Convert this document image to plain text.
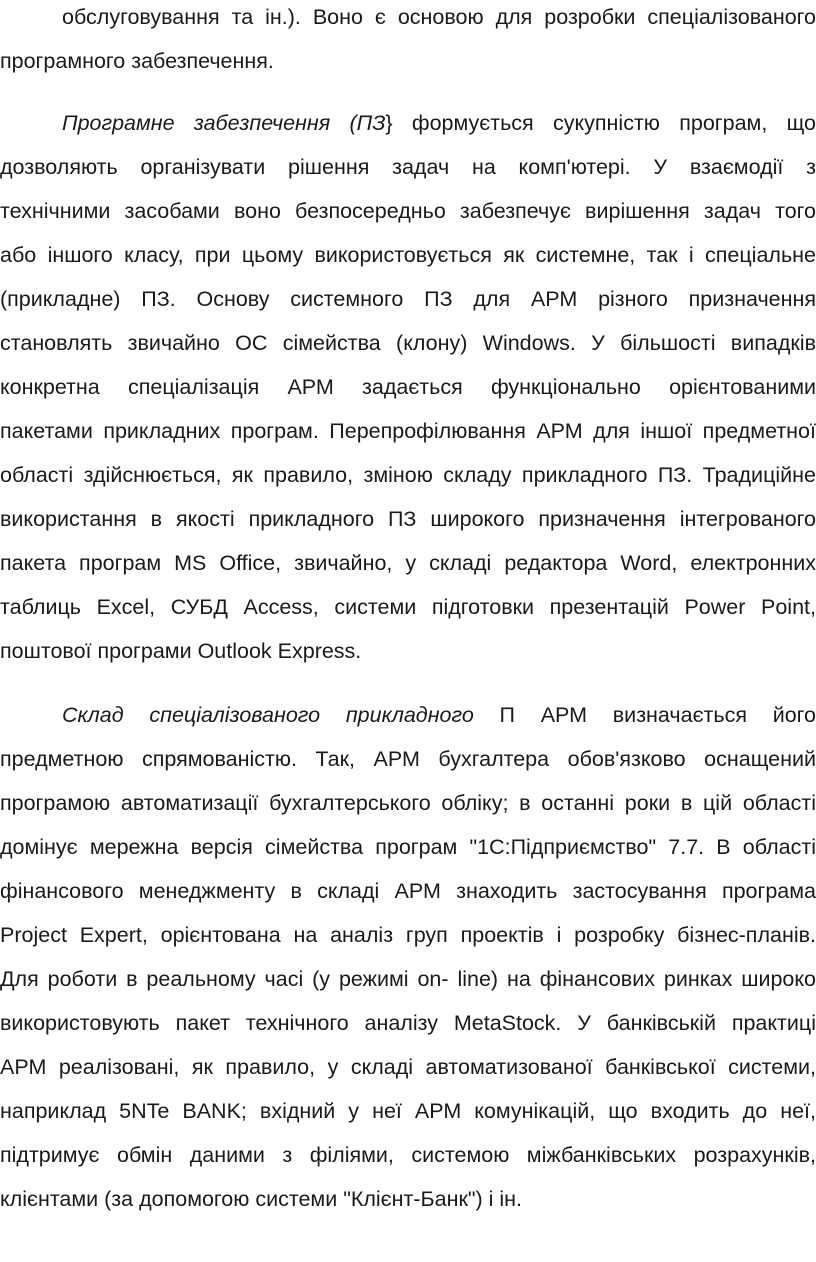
обслуговування та ін.). Воно є основою для розробки спеціалізованого
програмного забезпечення.
Програмне забезпечення (ПЗ} формується сукупністю програм, що
дозволяють організувати рішення задач на комп'ютері. У взаємодії з
технічними засобами воно безпосередньо забезпечує вирішення задач того
або іншого класу, при цьому використовується як системне, так і спеціальне
(прикладне) ПЗ. Основу системного ПЗ для АРМ різного призначення
становлять звичайно ОС сімейства (клону) Windows. У більшості випадків
конкретна спеціалізація АРМ задається функціонально орієнтованими
пакетами прикладних програм. Перепрофілювання АРМ для іншої предметної
області здійснюється, як правило, зміною складу прикладного ПЗ. Традиційне
використання в якості прикладного ПЗ широкого призначення інтегрованого
пакета програм MS Office, звичайно, у складі редактора Word, електронних
таблиць Excel, СУБД Access, системи підготовки презентацій Power Point,
поштової програми Outlook Express.
Склад спеціалізованого прикладного П АРМ визначається його
предметною спрямованістю. Так, АРМ бухгалтера обов'язково оснащений
програмою автоматизації бухгалтерського обліку; в останні роки в цій області
домінує мережна версія сімейства програм "1С:Підприємство" 7.7. В області
фінансового менеджменту в складі АРМ знаходить застосування програма
Project Expert, орієнтована на аналіз груп проектів і розробку бізнес-планів.
Для роботи в реальному часі (у режимі on- line) на фінансових ринках широко
використовують пакет технічного аналізу MetaStock. У банківській практиці
АРМ реалізовані, як правило, у складі автоматизованої банківської системи,
наприклад 5NTe BANK; вхідний у неї АРМ комунікацій, що входить до неї,
підтримує обмін даними з філіями, системою міжбанківських розрахунків,
клієнтами (за допомогою системи "Клієнт-Банк") і ін.
